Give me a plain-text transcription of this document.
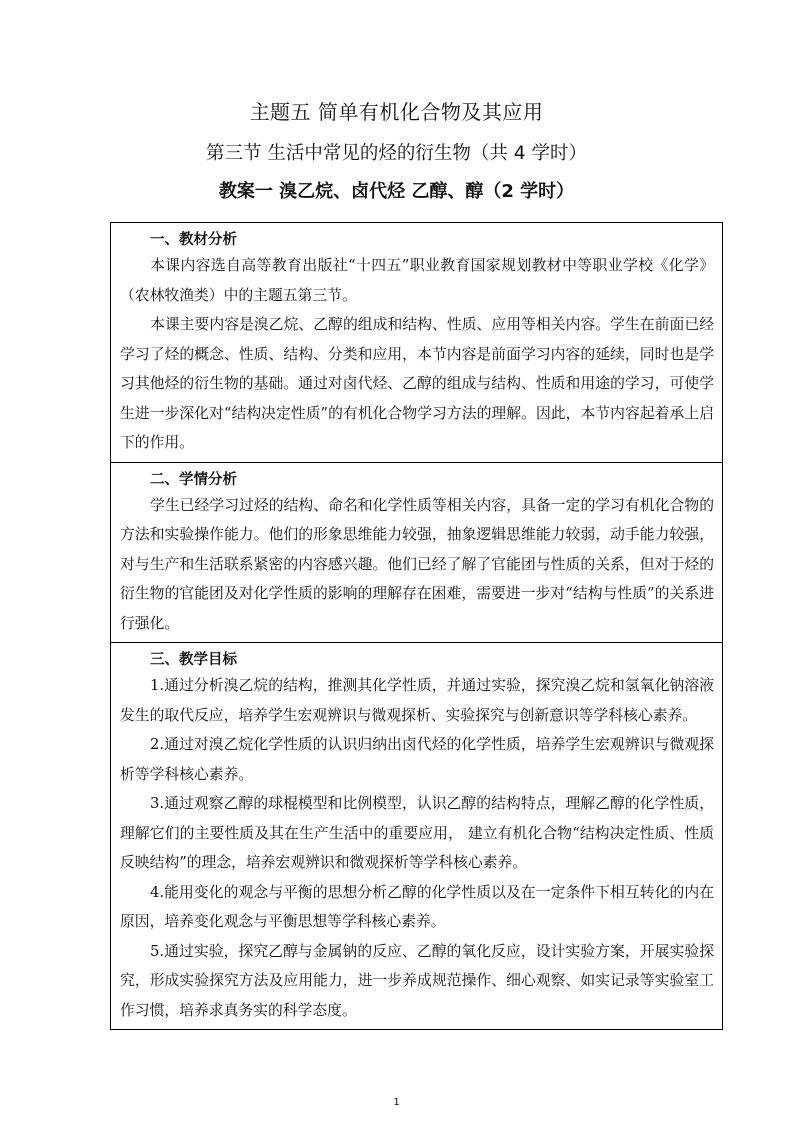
主题五 简单有机化合物及其应用
第三节 生活中常见的烃的衍生物（共 4 学时）
教案一 溴乙烷、卤代烃 乙醇、醇（2 学时）

一、教材分析

本课内容选自高等教育出版社“十四五”职业教育国家规划教材中等职业学校《化学》（农林牧渔类）中的主题五第三节。

本课主要内容是溴乙烷、乙醇的组成和结构、性质、应用等相关内容。学生在前面已经学习了烃的概念、性质、结构、分类和应用，本节内容是前面学习内容的延续，同时也是学习其他烃的衍生物的基础。通过对卤代烃、乙醇的组成与结构、性质和用途的学习，可使学生进一步深化对“结构决定性质”的有机化合物学习方法的理解。因此，本节内容起着承上启下的作用。

二、学情分析

学生已经学习过烃的结构、命名和化学性质等相关内容，具备一定的学习有机化合物的方法和实验操作能力。他们的形象思维能力较强，抽象逻辑思维能力较弱，动手能力较强，对与生产和生活联系紧密的内容感兴趣。他们已经了解了官能团与性质的关系，但对于烃的衍生物的官能团及对化学性质的影响的理解存在困难，需要进一步对“结构与性质”的关系进行强化。

三、教学目标

1.通过分析溴乙烷的结构，推测其化学性质，并通过实验，探究溴乙烷和氢氧化钠溶液发生的取代反应，培养学生宏观辨识与微观探析、实验探究与创新意识等学科核心素养。

2.通过对溴乙烷化学性质的认识归纳出卤代烃的化学性质，培养学生宏观辨识与微观探析等学科核心素养。

3.通过观察乙醇的球棍模型和比例模型，认识乙醇的结构特点，理解乙醇的化学性质， 理解它们的主要性质及其在生产生活中的重要应用， 建立有机化合物“结构决定性质、性质反映结构”的理念，培养宏观辨识和微观探析等学科核心素养。

4.能用变化的观念与平衡的思想分析乙醇的化学性质以及在一定条件下相互转化的内在原因，培养变化观念与平衡思想等学科核心素养。

5.通过实验，探究乙醇与金属钠的反应、乙醇的氧化反应，设计实验方案，开展实验探究，形成实验探究方法及应用能力，进一步养成规范操作、细心观察、如实记录等实验室工作习惯，培养求真务实的科学态度。

1
